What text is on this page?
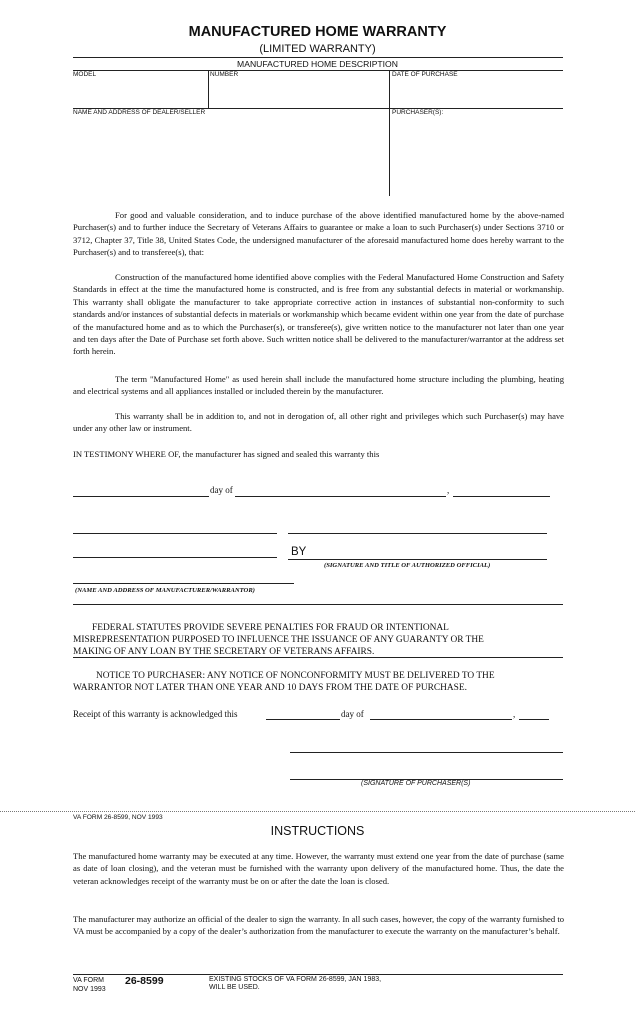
MANUFACTURED HOME WARRANTY
(LIMITED WARRANTY)
MANUFACTURED HOME DESCRIPTION
MODEL	NUMBER	DATE OF PURCHASE
NAME AND ADDRESS OF DEALER/SELLER	PURCHASER(S):
For good and valuable consideration, and to induce purchase of the above identified manufactured home by the above-named Purchaser(s) and to further induce the Secretary of Veterans Affairs to guarantee or make a loan to such Purchaser(s) under Sections 3710 or 3712, Chapter 37, Title 38, United States Code, the undersigned manufacturer of the aforesaid manufactured home does hereby warrant to the Purchaser(s) and to transferee(s), that:
Construction of the manufactured home identified above complies with the Federal Manufactured Home Construction and Safety Standards in effect at the time the manufactured home is constructed, and is free from any substantial defects in material or workmanship. This warranty shall obligate the manufacturer to take appropriate corrective action in instances of substantial non-conformity to such standards and/or instances of substantial defects in materials or workmanship which became evident within one year from the date of purchase of the manufactured home and as to which the Purchaser(s), or transferee(s), give written notice to the manufacturer not later than one year and ten days after the Date of Purchase set forth above. Such written notice shall be delivered to the manufacturer/warrantor at the address set forth herein.
The term "Manufactured Home" as used herein shall include the manufactured home structure including the plumbing, heating and electrical systems and all appliances installed or included therein by the manufacturer.
This warranty shall be in addition to, and not in derogation of, all other right and privileges which such Purchaser(s) may have under any other law or instrument.
IN TESTIMONY WHERE OF, the manufacturer has signed and sealed this warranty this
day of	,
BY
(SIGNATURE AND TITLE OF AUTHORIZED OFFICIAL)
(NAME AND ADDRESS OF MANUFACTURER/WARRANTOR)
FEDERAL STATUTES PROVIDE SEVERE PENALTIES FOR FRAUD OR INTENTIONAL
MISREPRESENTATION PURPOSED TO INFLUENCE THE ISSUANCE OF ANY GUARANTY OR THE
MAKING OF ANY LOAN BY THE SECRETARY OF VETERANS AFFAIRS.
NOTICE TO PURCHASER: ANY NOTICE OF NONCONFORMITY MUST BE DELIVERED TO THE
WARRANTOR NOT LATER THAN ONE YEAR AND 10 DAYS FROM THE DATE OF PURCHASE.
Receipt of this warranty is acknowledged this	day of	,
(SIGNATURE OF PURCHASER(S)
VA FORM 26-8599, NOV 1993
INSTRUCTIONS
The manufactured home warranty may be executed at any time. However, the warranty must extend one year from the date of purchase (same as date of loan closing), and the veteran must be furnished with the warranty upon delivery of the manufactured home. Thus, the date the veteran acknowledges receipt of the warranty must be on or after the date the loan is closed.
The manufacturer may authorize an official of the dealer to sign the warranty. In all such cases, however, the copy of the warranty furnished to VA must be accompanied by a copy of the dealer’s authorization from the manufacturer to execute the warranty on the manufacturer’s behalf.
VA FORM
NOV 1993
26-8599	EXISTING STOCKS OF VA FORM 26-8599, JAN 1983,
WILL BE USED.
